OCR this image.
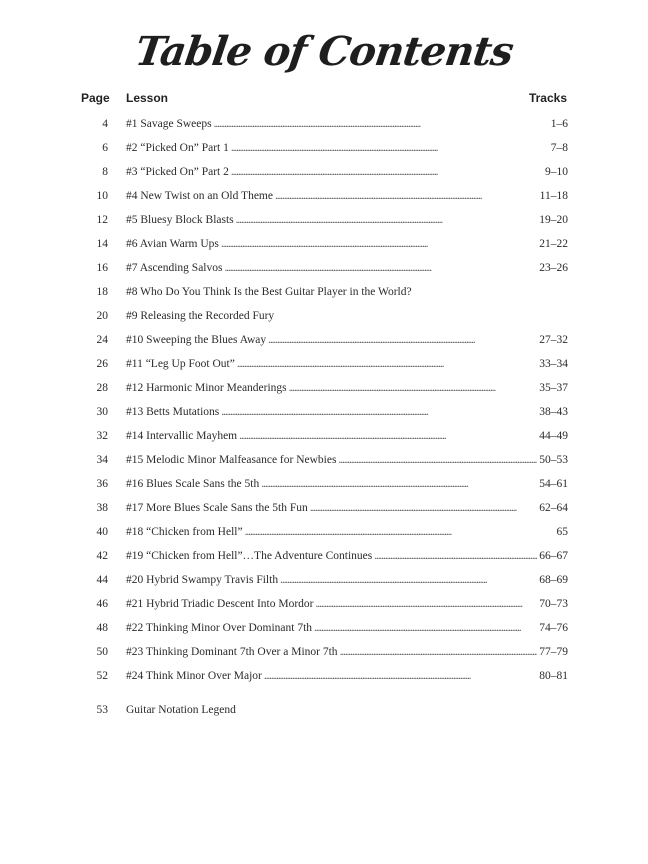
Table of Contents
Page Lesson	Tracks
4 #1 Savage Sweeps . . .	1–6
6 #2 “Picked On” Part 1 . . .	7–8
8 #3 “Picked On” Part 2 . . .	9–10
10 #4 New Twist on an Old Theme . . .	11–18
12 #5 Bluesy Block Blasts . . .	19–20
14 #6 Avian Warm Ups . . .	21–22
16 #7 Ascending Salvos . . .	23–26
18 #8 Who Do You Think Is the Best Guitar Player in the World?
20 #9 Releasing the Recorded Fury
24 #10 Sweeping the Blues Away . . .	27–32
26 #11 “Leg Up Foot Out” . . .	33–34
28 #12 Harmonic Minor Meanderings . . .	35–37
30 #13 Betts Mutations . . .	38–43
32 #14 Intervallic Mayhem . . .	44–49
34 #15 Melodic Minor Malfeasance for Newbies . . .	50–53
36 #16 Blues Scale Sans the 5th . . .	54–61
38 #17 More Blues Scale Sans the 5th Fun . . .	62–64
40 #18 “Chicken from Hell” . . .	65
42 #19 “Chicken from Hell”…The Adventure Continues . . .	66–67
44 #20 Hybrid Swampy Travis Filth . . .	68–69
46 #21 Hybrid Triadic Descent Into Mordor . . .	70–73
48 #22 Thinking Minor Over Dominant 7th . . .	74–76
50 #23 Thinking Dominant 7th Over a Minor 7th . . .	77–79
52 #24 Think Minor Over Major . . .	80–81
53 Guitar Notation Legend
